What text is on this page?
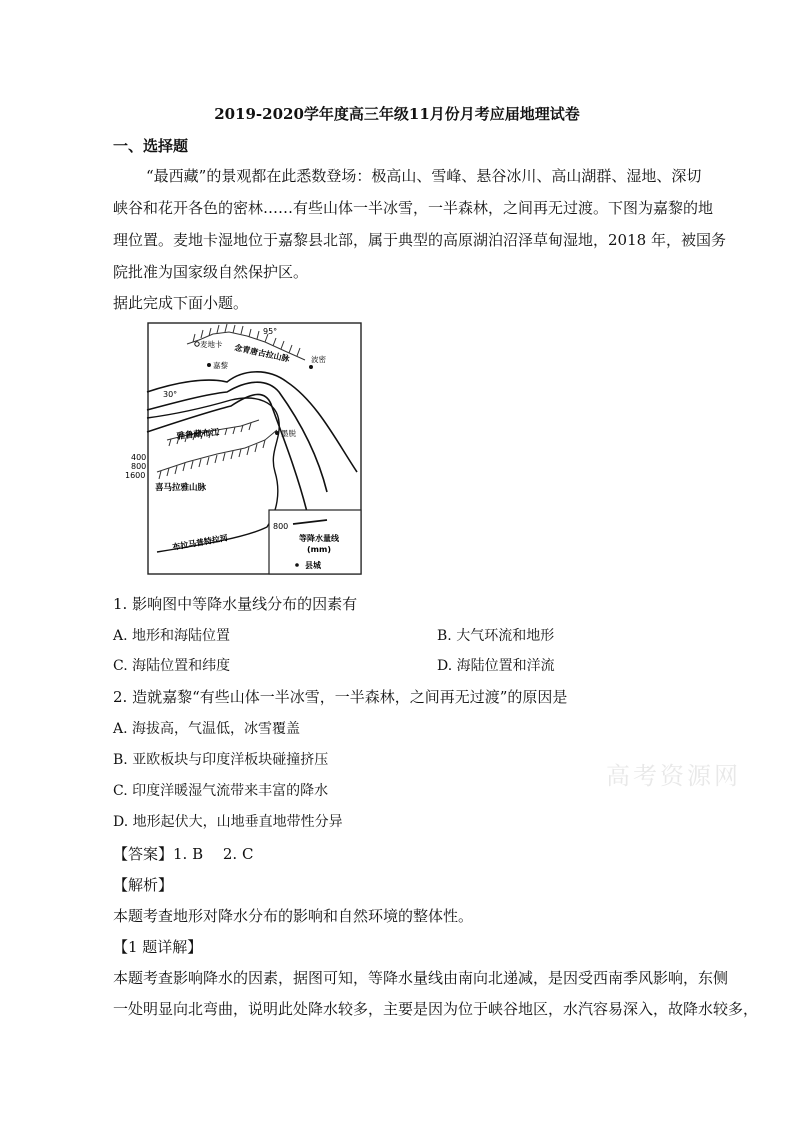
2019-2020学年度高三年级11月份月考应届地理试卷
一、选择题
“最西藏”的景观都在此悉数登场：极高山、雪峰、悬谷冰川、高山湖群、湿地、深切
峡谷和花开各色的密林……有些山体一半冰雪，一半森林，之间再无过渡。下图为嘉黎的地
理位置。麦地卡湿地位于嘉黎县北部，属于典型的高原湖泊沼泽草甸湿地，2018 年，被国务
院批准为国家级自然保护区。
据此完成下面小题。
95°
30°
麦地卡
嘉黎
波密
墨脱
念青唐古拉山脉
雅鲁藏布江
喜马拉雅山脉
布拉马普特拉河
400
800
1600
800
等降水量线
(mm)
县城
1. 影响图中等降水量线分布的因素有
A. 地形和海陆位置	B. 大气环流和地形
C. 海陆位置和纬度	D. 海陆位置和洋流
2. 造就嘉黎“有些山体一半冰雪，一半森林，之间再无过渡”的原因是
A. 海拔高，气温低，冰雪覆盖
B. 亚欧板块与印度洋板块碰撞挤压
C. 印度洋暖湿气流带来丰富的降水
D. 地形起伏大，山地垂直地带性分异
高考资源网
【答案】1. B　 2. C
【解析】
本题考查地形对降水分布的影响和自然环境的整体性。
【1 题详解】
本题考查影响降水的因素，据图可知，等降水量线由南向北递减，是因受西南季风影响，东侧
一处明显向北弯曲，说明此处降水较多，主要是因为位于峡谷地区，水汽容易深入，故降水较多，
